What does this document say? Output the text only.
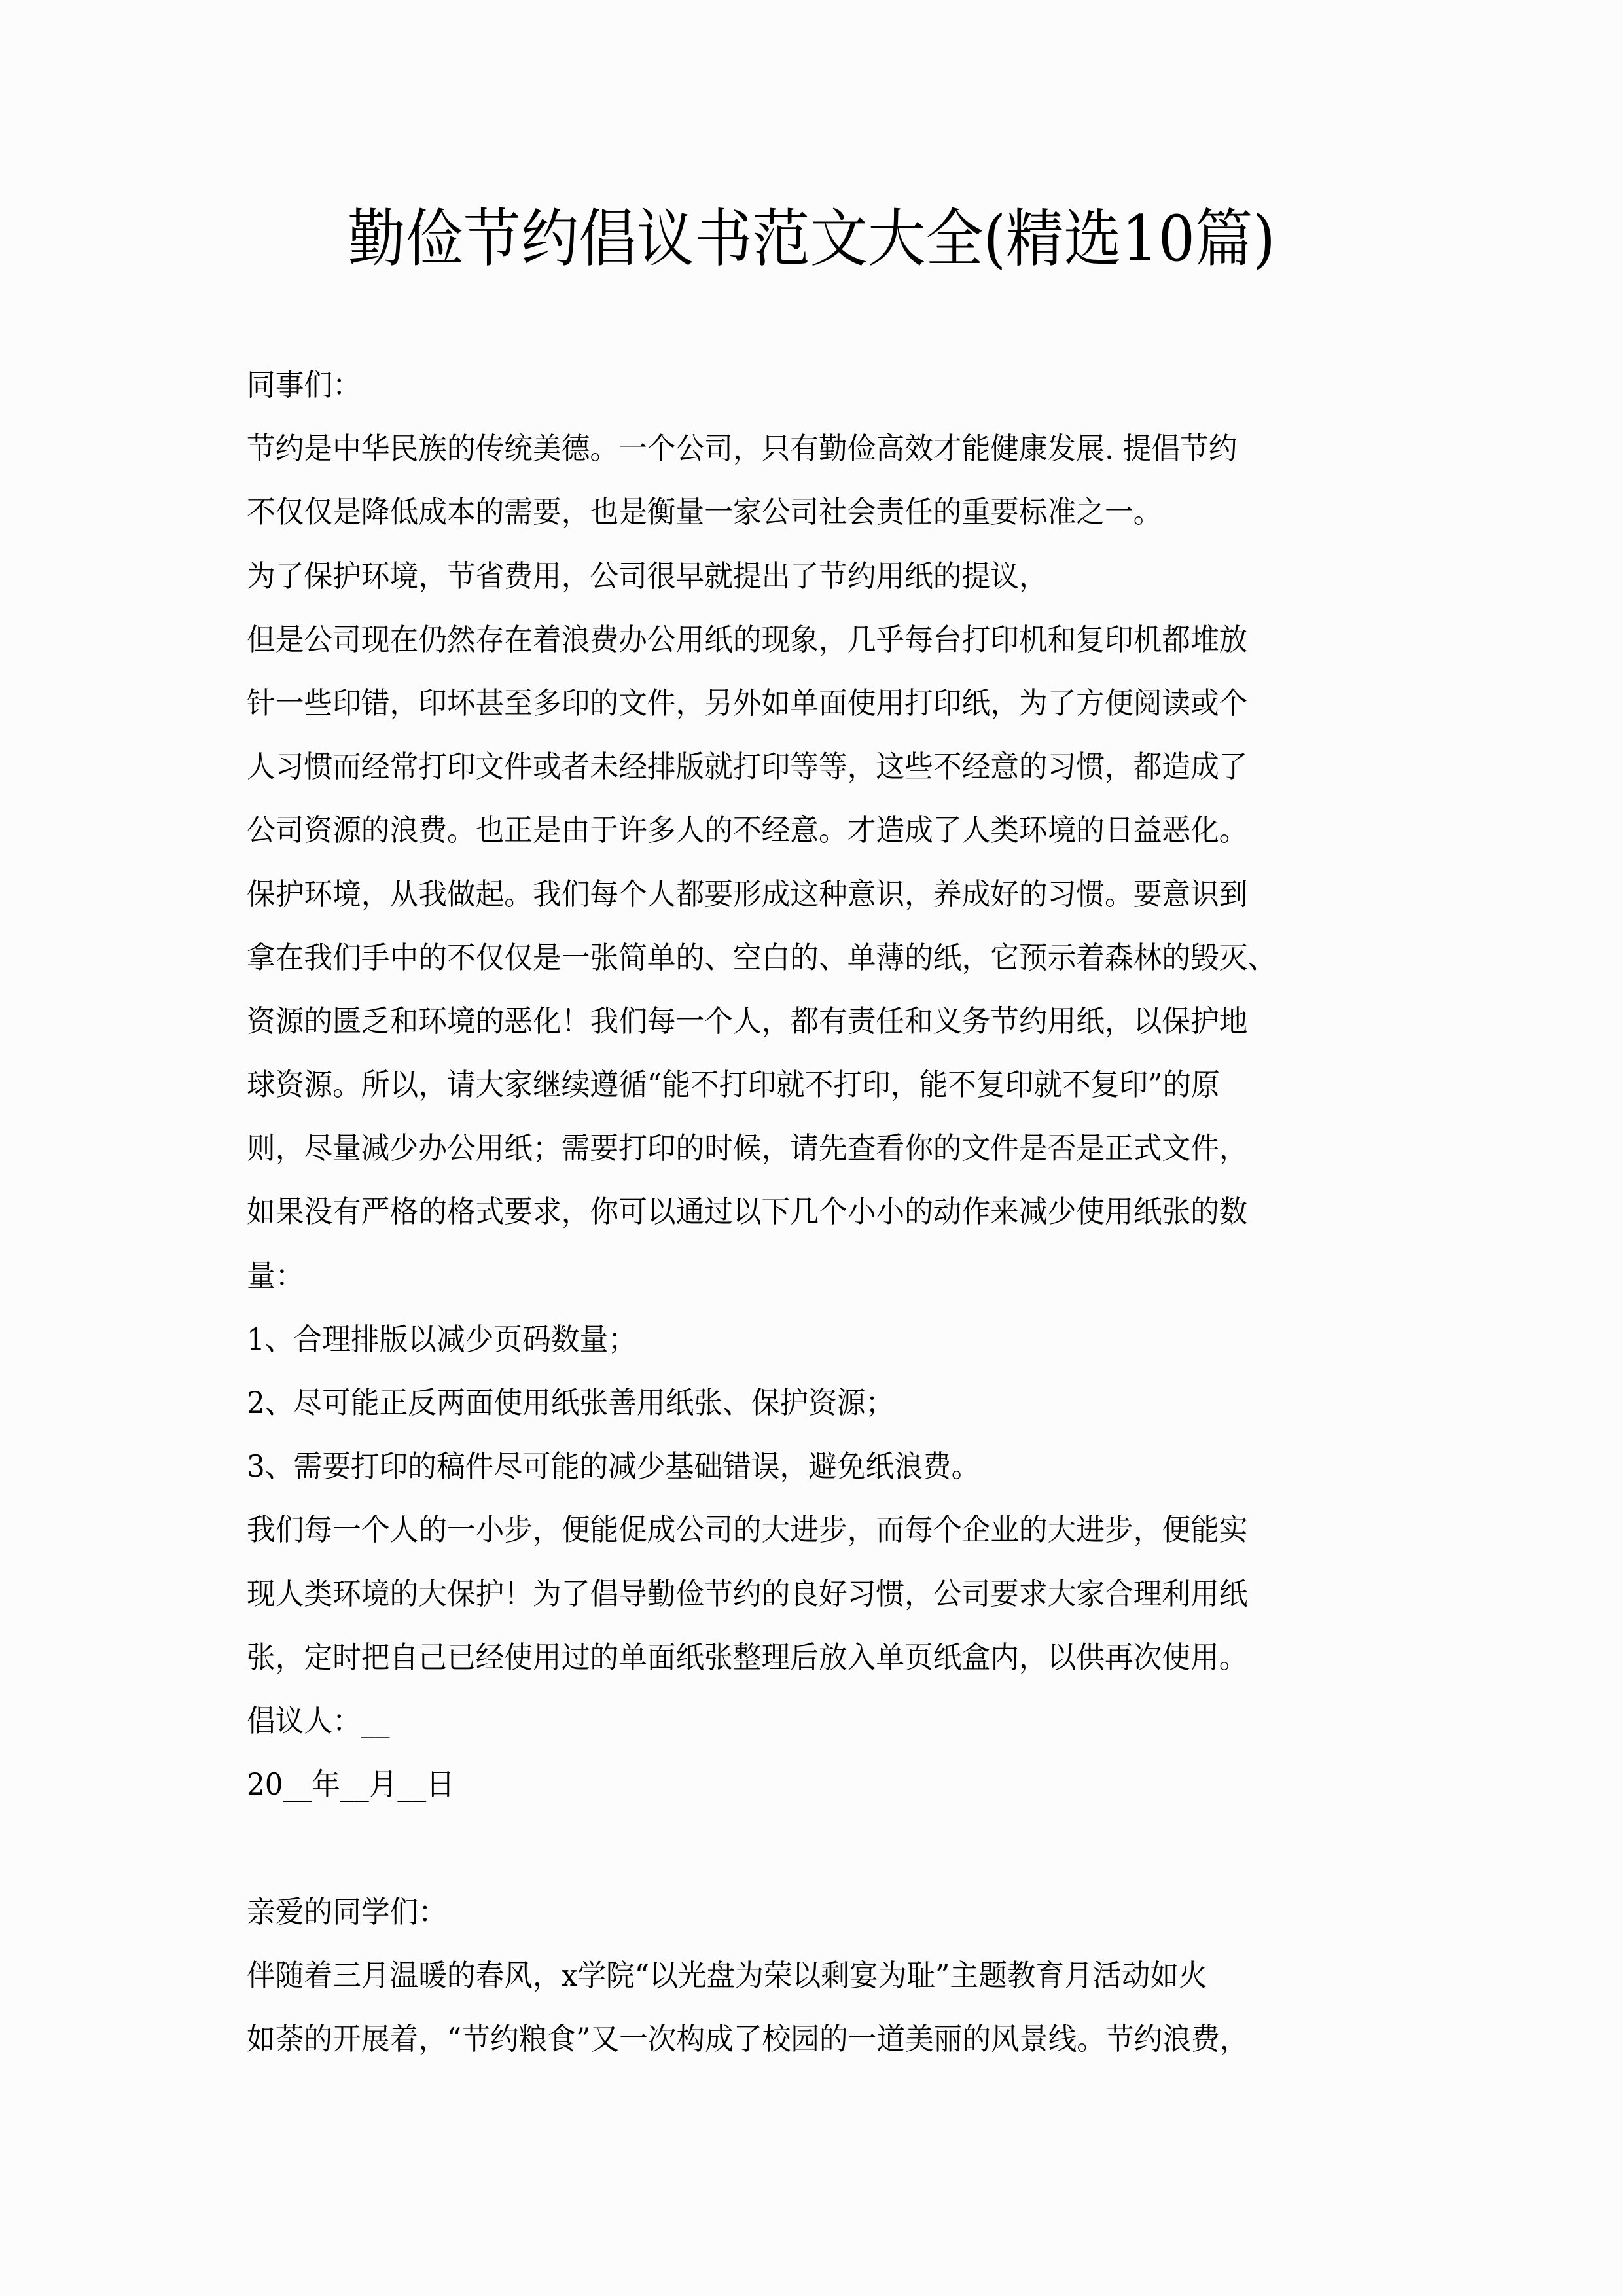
勤俭节约倡议书范文大全(精选10篇)
同事们：
节约是中华民族的传统美德。一个公司，只有勤俭高效才能健康发展. 提倡节约
不仅仅是降低成本的需要，也是衡量一家公司社会责任的重要标准之一。
为了保护环境，节省费用，公司很早就提出了节约用纸的提议，
但是公司现在仍然存在着浪费办公用纸的现象，几乎每台打印机和复印机都堆放
针一些印错，印坏甚至多印的文件，另外如单面使用打印纸，为了方便阅读或个
人习惯而经常打印文件或者未经排版就打印等等，这些不经意的习惯，都造成了
公司资源的浪费。也正是由于许多人的不经意。才造成了人类环境的日益恶化。
保护环境，从我做起。我们每个人都要形成这种意识，养成好的习惯。要意识到
拿在我们手中的不仅仅是一张简单的、空白的、单薄的纸，它预示着森林的毁灭、
资源的匮乏和环境的恶化！我们每一个人，都有责任和义务节约用纸，以保护地
球资源。所以，请大家继续遵循“能不打印就不打印，能不复印就不复印”的原
则，尽量减少办公用纸；需要打印的时候，请先查看你的文件是否是正式文件，
如果没有严格的格式要求，你可以通过以下几个小小的动作来减少使用纸张的数
量：
1、合理排版以减少页码数量；
2、尽可能正反两面使用纸张善用纸张、保护资源；
3、需要打印的稿件尽可能的减少基础错误，避免纸浪费。
我们每一个人的一小步，便能促成公司的大进步，而每个企业的大进步，便能实
现人类环境的大保护！为了倡导勤俭节约的良好习惯，公司要求大家合理利用纸
张，定时把自己已经使用过的单面纸张整理后放入单页纸盒内，以供再次使用。
倡议人：__
20__年__月__日
亲爱的同学们：
伴随着三月温暖的春风，x学院“以光盘为荣以剩宴为耻”主题教育月活动如火
如荼的开展着，“节约粮食”又一次构成了校园的一道美丽的风景线。节约浪费，
